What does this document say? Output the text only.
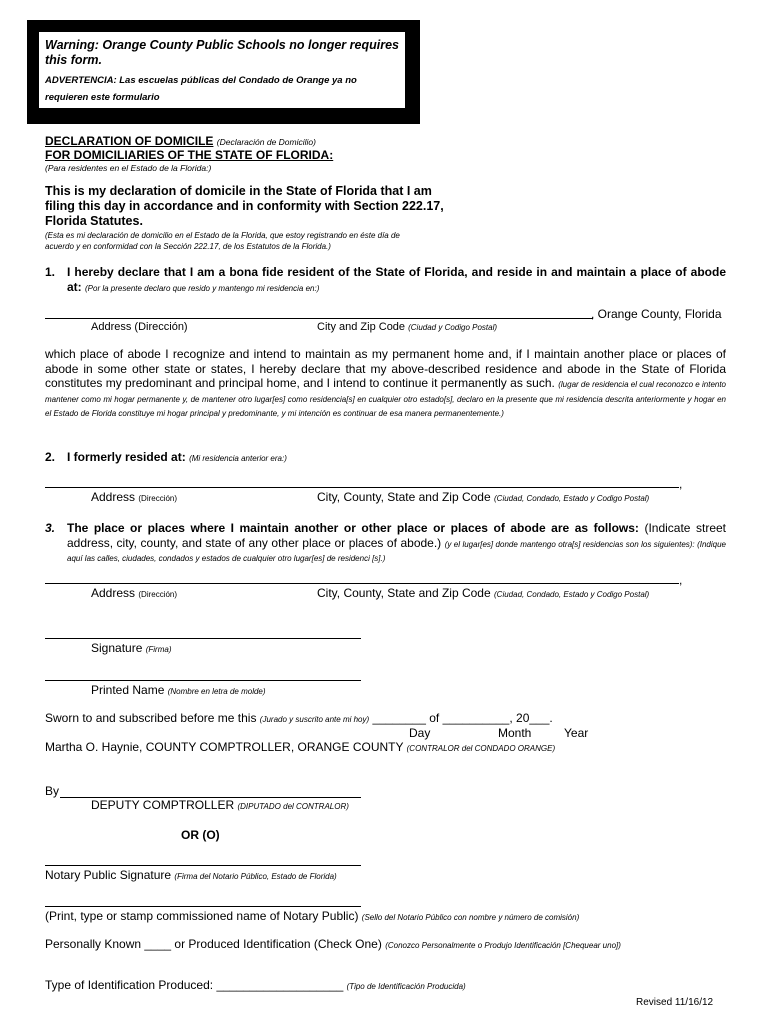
Warning: Orange County Public Schools no longer requires this form.
ADVERTENCIA: Las escuelas públicas del Condado de Orange ya no requieren este formulario
DECLARATION OF DOMICILE (Declaración de Domicilio)
FOR DOMICILIARIES OF THE STATE OF FLORIDA:
(Para residentes en el Estado de la Florida:)
This is my declaration of domicile in the State of Florida that I am filing this day in accordance and in conformity with Section 222.17, Florida Statutes.
(Esta es mi declaración de domicilio en el Estado de la Florida, que estoy registrando en éste día de acuerdo y en conformidad con la Sección 222.17, de los Estatutos de la Florida.)
1. I hereby declare that I am a bona fide resident of the State of Florida, and reside in and maintain a place of abode at: (Por la presente declaro que resido y mantengo mi residencia en:)
, Orange County, Florida
Address (Dirección)	City and Zip Code (Ciudad y Codigo Postal)
which place of abode I recognize and intend to maintain as my permanent home and, if I maintain another place or places of abode in some other state or states, I hereby declare that my above-described residence and abode in the State of Florida constitutes my predominant and principal home, and I intend to continue it permanently as such. (lugar de residencia el cual reconozco e intento mantener como mi hogar permanente y, de mantener otro lugar[es] como residencia[s] en cualquier otro estado[s], declaro en la presente que mi residencia descrita anteriormente y hogar en el Estado de Florida constituye mi hogar principal y predominante, y mi intención es continuar de esa manera permanentemente.)
2. I formerly resided at: (Mi residencia anterior era:)
,
Address (Dirección)	City, County, State and Zip Code (Ciudad, Condado, Estado y Codigo Postal)
3. The place or places where I maintain another or other place or places of abode are as follows: (Indicate street address, city, county, and state of any other place or places of abode.) (y el lugar[es] donde mantengo otra[s] residencias son los siguientes): (Indique aquí las calles, ciudades, condados y estados de cualquier otro lugar[es] de residenci [s].)
,
Address (Dirección)	City, County, State and Zip Code (Ciudad, Condado, Estado y Codigo Postal)
Signature (Firma)
Printed Name (Nombre en letra de molde)
Sworn to and subscribed before me this (Jurado y suscrito ante mi hoy) ________ of __________, 20___.
Day	Month	Year
Martha O. Haynie, COUNTY COMPTROLLER, ORANGE COUNTY (CONTRALOR del CONDADO ORANGE)
By
DEPUTY COMPTROLLER (DIPUTADO del CONTRALOR)
OR (O)
Notary Public Signature (Firma del Notario Público, Estado de Florida)
(Print, type or stamp commissioned name of Notary Public) (Sello del Notario Público con nombre y número de comisión)
Personally Known ____ or Produced Identification (Check One) (Conozco Personalmente o Produjo Identificación [Chequear uno])
Type of Identification Produced: ___________________ (Tipo de Identificación Producida)
Revised 11/16/12
